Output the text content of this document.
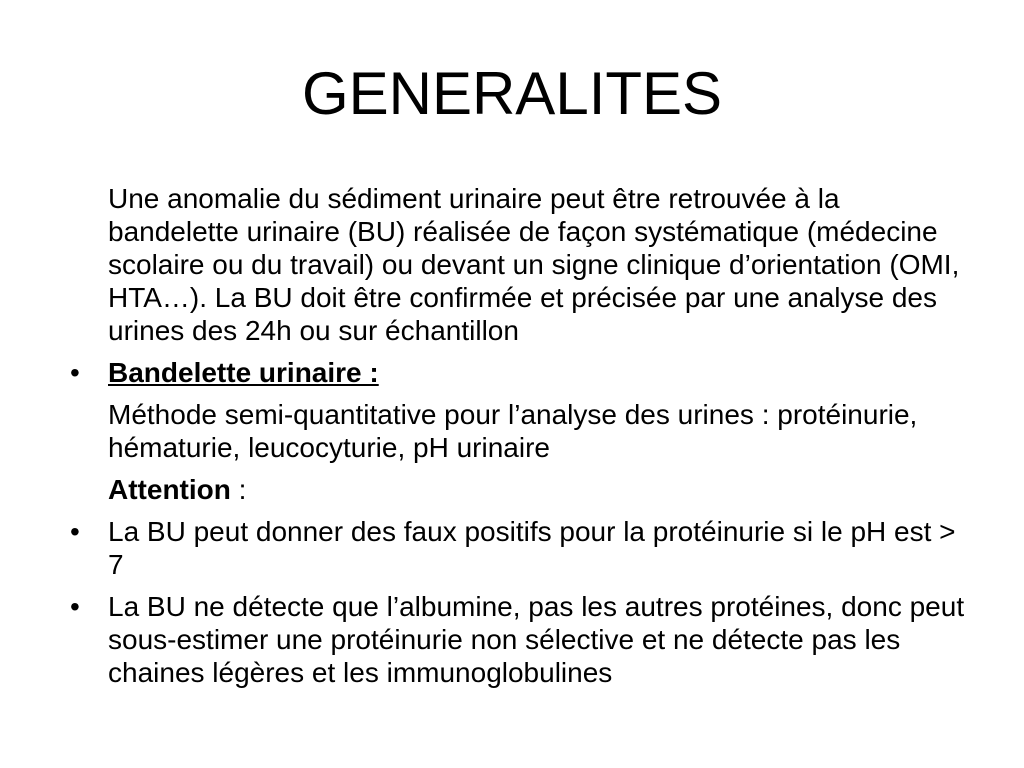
GENERALITES

Une anomalie du sédiment urinaire peut être retrouvée à la bandelette urinaire (BU) réalisée de façon systématique (médecine scolaire ou du travail) ou devant un signe clinique d’orientation (OMI, HTA…). La BU doit être confirmée et précisée par une analyse des urines des 24h ou sur échantillon

•	Bandelette urinaire :

Méthode semi-quantitative pour l’analyse des urines : protéinurie, hématurie, leucocyturie, pH urinaire

Attention :

•	La BU peut donner des faux positifs pour la protéinurie si le pH est > 7

•	La BU ne détecte que l’albumine, pas les autres protéines, donc peut sous-estimer une protéinurie non sélective et ne détecte pas les chaines légères et les immunoglobulines
